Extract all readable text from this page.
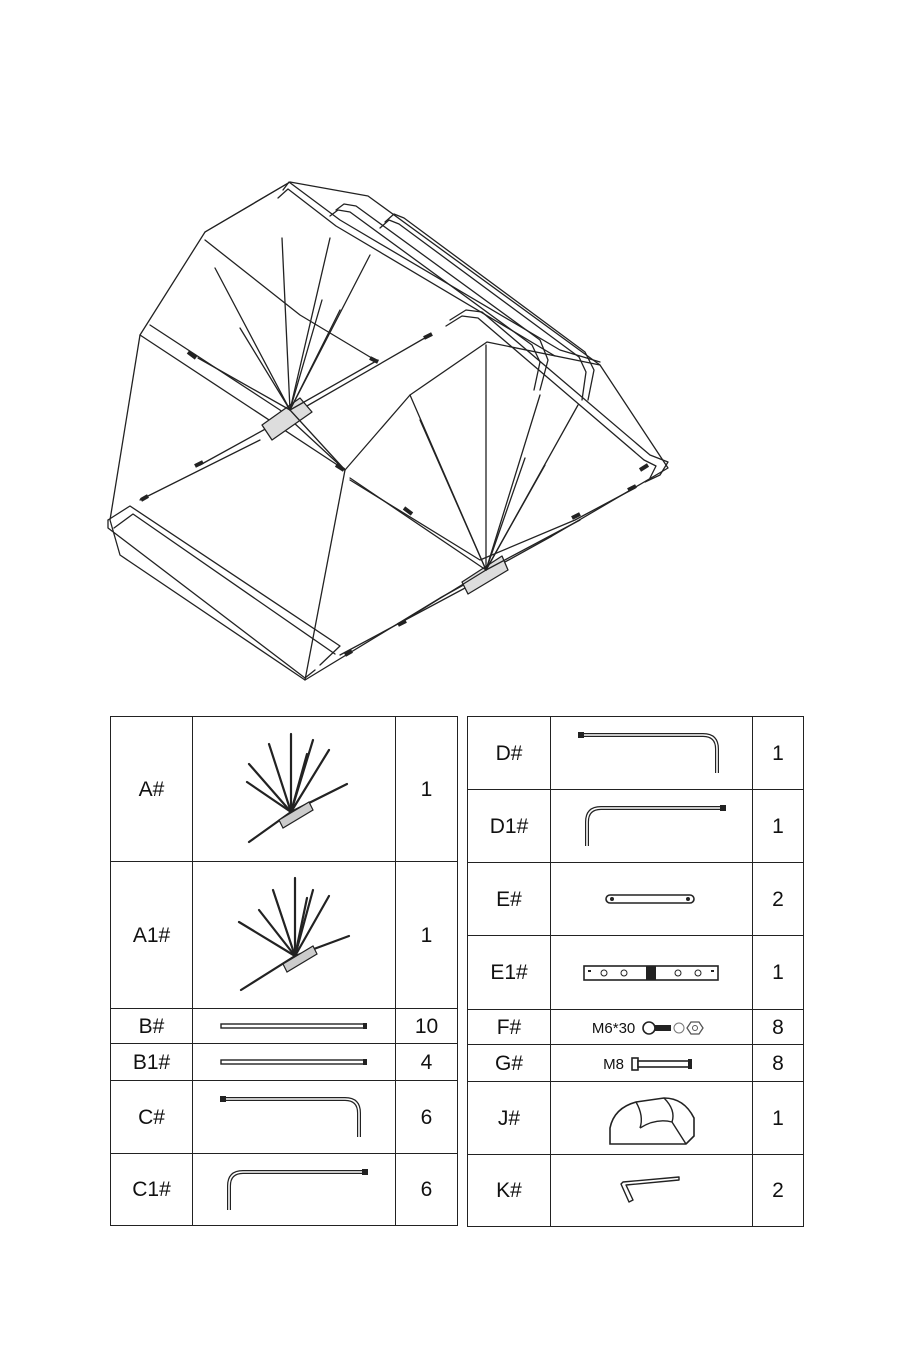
A#		1
A1#		1
B#		10
B1#		4
C#		6
C1#		6
D#		1
D1#		1
E#		2
E1#		1
F#	M6*30	8
G#	M8	8
J#		1
K#		2
